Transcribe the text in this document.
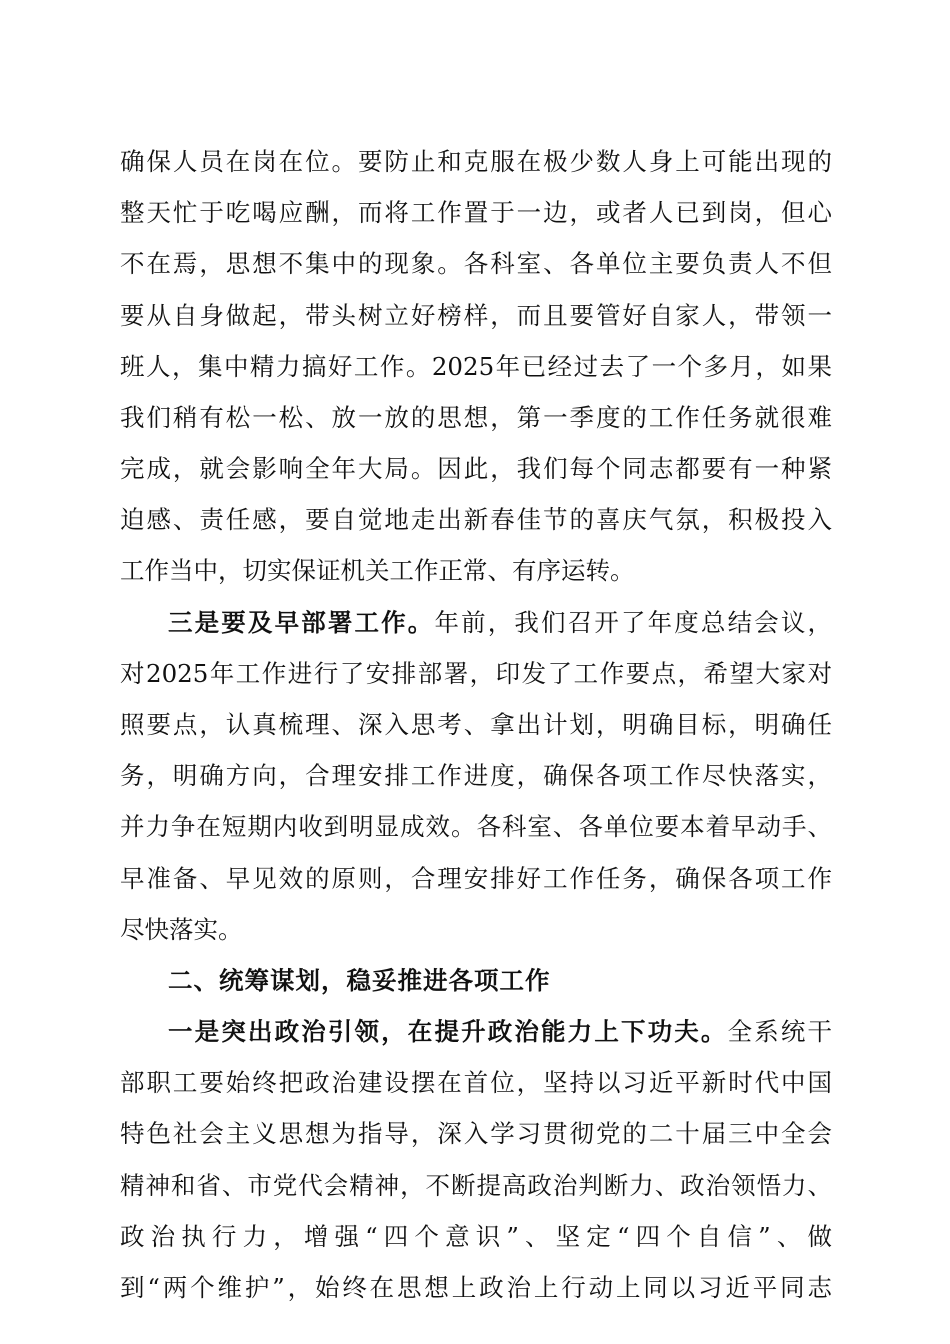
确保人员在岗在位。要防止和克服在极少数人身上可能出现的
整天忙于吃喝应酬，而将工作置于一边，或者人已到岗，但心
不在焉，思想不集中的现象。各科室、各单位主要负责人不但
要从自身做起，带头树立好榜样，而且要管好自家人，带领一
班人，集中精力搞好工作。2025年已经过去了一个多月，如果
我们稍有松一松、放一放的思想，第一季度的工作任务就很难
完成，就会影响全年大局。因此，我们每个同志都要有一种紧
迫感、责任感，要自觉地走出新春佳节的喜庆气氛，积极投入
工作当中，切实保证机关工作正常、有序运转。
三是要及早部署工作。年前，我们召开了年度总结会议，
对2025年工作进行了安排部署，印发了工作要点，希望大家对
照要点，认真梳理、深入思考、拿出计划，明确目标，明确任
务，明确方向，合理安排工作进度，确保各项工作尽快落实，
并力争在短期内收到明显成效。各科室、各单位要本着早动手、
早准备、早见效的原则，合理安排好工作任务，确保各项工作
尽快落实。
二、统筹谋划，稳妥推进各项工作
一是突出政治引领，在提升政治能力上下功夫。全系统干
部职工要始终把政治建设摆在首位，坚持以习近平新时代中国
特色社会主义思想为指导，深入学习贯彻党的二十届三中全会
精神和省、市党代会精神，不断提高政治判断力、政治领悟力、
政治执行力，增强“四个意识”、坚定“四个自信”、做
到“两个维护”，始终在思想上政治上行动上同以习近平同志
